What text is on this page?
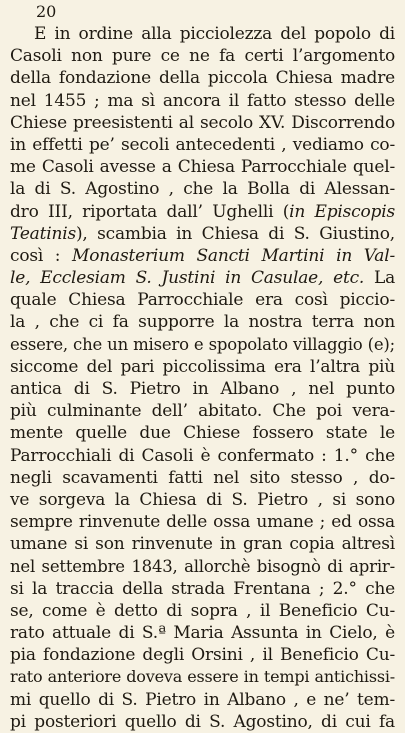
20
E in ordine alla picciolezza del popolo di
Casoli non pure ce ne fa certi l’argomento
della fondazione della piccola Chiesa madre
nel 1455 ; ma sì ancora il fatto stesso delle
Chiese preesistenti al secolo XV. Discorrendo
in effetti pe’ secoli antecedenti , vediamo co-
me Casoli avesse a Chiesa Parrocchiale quel-
la di S. Agostino , che la Bolla di Alessan-
dro III, riportata dall’ Ughelli (in Episcopis
Teatinis), scambia in Chiesa di S. Giustino,
così : Monasterium Sancti Martini in Val-
le, Ecclesiam S. Justini in Casulae, etc. La
quale Chiesa Parrocchiale era così piccio-
la , che ci fa supporre la nostra terra non
essere, che un misero e spopolato villaggio (e);
siccome del pari piccolissima era l’altra più
antica di S. Pietro in Albano , nel punto
più culminante dell’ abitato. Che poi vera-
mente quelle due Chiese fossero state le
Parrocchiali di Casoli è confermato : 1.° che
negli scavamenti fatti nel sito stesso , do-
ve sorgeva la Chiesa di S. Pietro , si sono
sempre rinvenute delle ossa umane ; ed ossa
umane si son rinvenute in gran copia altresì
nel settembre 1843, allorchè bisognò di aprir-
si la traccia della strada Frentana ; 2.° che
se, come è detto di sopra , il Beneficio Cu-
rato attuale di S.ª Maria Assunta in Cielo, è
pia fondazione degli Orsini , il Beneficio Cu-
rato anteriore doveva essere in tempi antichissi-
mi quello di S. Pietro in Albano , e ne’ tem-
pi posteriori quello di S. Agostino, di cui fa
